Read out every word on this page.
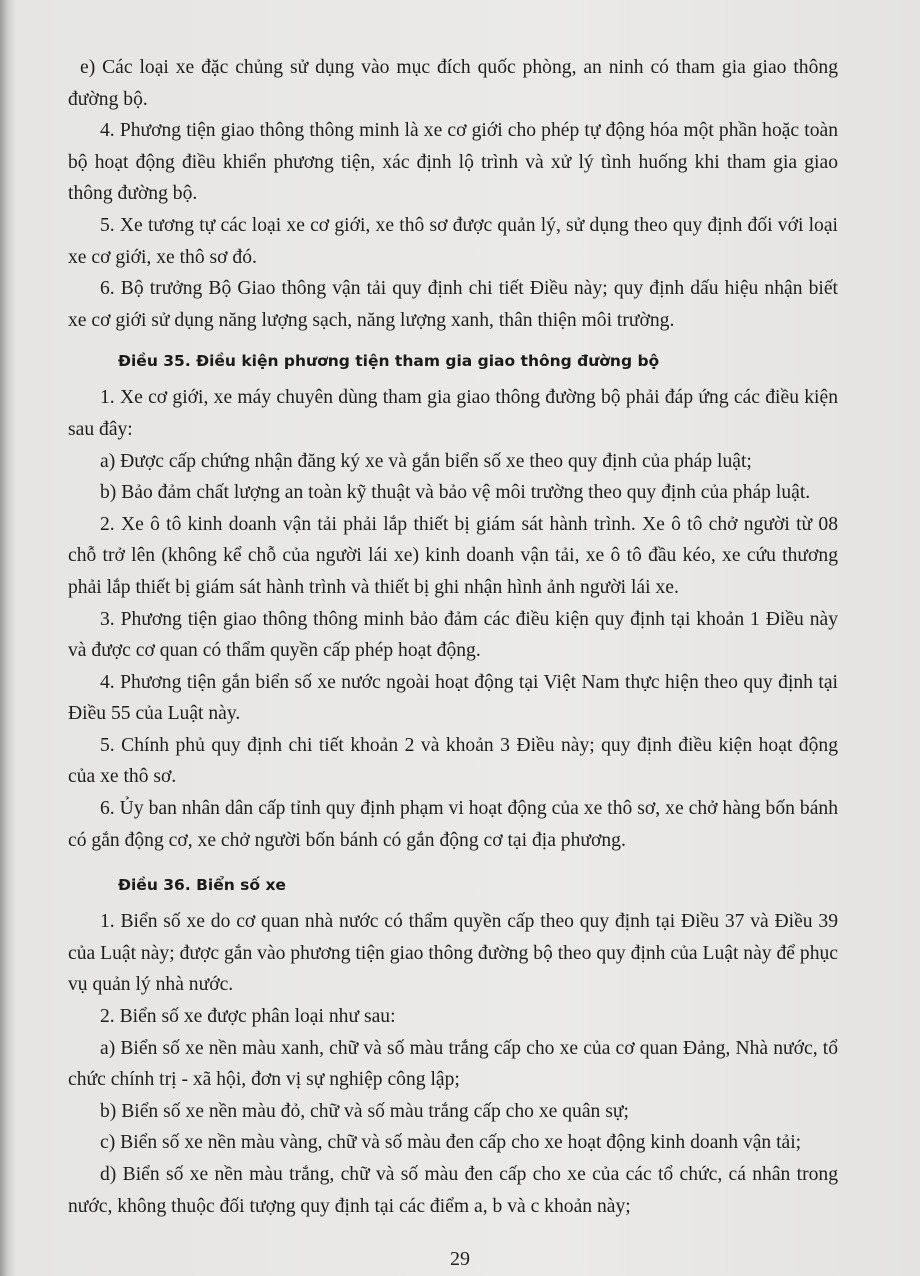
e) Các loại xe đặc chủng sử dụng vào mục đích quốc phòng, an ninh có tham gia giao thông đường bộ.

4. Phương tiện giao thông thông minh là xe cơ giới cho phép tự động hóa một phần hoặc toàn bộ hoạt động điều khiển phương tiện, xác định lộ trình và xử lý tình huống khi tham gia giao thông đường bộ.

5. Xe tương tự các loại xe cơ giới, xe thô sơ được quản lý, sử dụng theo quy định đối với loại xe cơ giới, xe thô sơ đó.

6. Bộ trưởng Bộ Giao thông vận tải quy định chi tiết Điều này; quy định dấu hiệu nhận biết xe cơ giới sử dụng năng lượng sạch, năng lượng xanh, thân thiện môi trường.

Điều 35. Điều kiện phương tiện tham gia giao thông đường bộ

1. Xe cơ giới, xe máy chuyên dùng tham gia giao thông đường bộ phải đáp ứng các điều kiện sau đây:

a) Được cấp chứng nhận đăng ký xe và gắn biển số xe theo quy định của pháp luật;

b) Bảo đảm chất lượng an toàn kỹ thuật và bảo vệ môi trường theo quy định của pháp luật.

2. Xe ô tô kinh doanh vận tải phải lắp thiết bị giám sát hành trình. Xe ô tô chở người từ 08 chỗ trở lên (không kể chỗ của người lái xe) kinh doanh vận tải, xe ô tô đầu kéo, xe cứu thương phải lắp thiết bị giám sát hành trình và thiết bị ghi nhận hình ảnh người lái xe.

3. Phương tiện giao thông thông minh bảo đảm các điều kiện quy định tại khoản 1 Điều này và được cơ quan có thẩm quyền cấp phép hoạt động.

4. Phương tiện gắn biển số xe nước ngoài hoạt động tại Việt Nam thực hiện theo quy định tại Điều 55 của Luật này.

5. Chính phủ quy định chi tiết khoản 2 và khoản 3 Điều này; quy định điều kiện hoạt động của xe thô sơ.

6. Ủy ban nhân dân cấp tỉnh quy định phạm vi hoạt động của xe thô sơ, xe chở hàng bốn bánh có gắn động cơ, xe chở người bốn bánh có gắn động cơ tại địa phương.

Điều 36. Biển số xe

1. Biển số xe do cơ quan nhà nước có thẩm quyền cấp theo quy định tại Điều 37 và Điều 39 của Luật này; được gắn vào phương tiện giao thông đường bộ theo quy định của Luật này để phục vụ quản lý nhà nước.

2. Biển số xe được phân loại như sau:

a) Biển số xe nền màu xanh, chữ và số màu trắng cấp cho xe của cơ quan Đảng, Nhà nước, tổ chức chính trị - xã hội, đơn vị sự nghiệp công lập;

b) Biển số xe nền màu đỏ, chữ và số màu trắng cấp cho xe quân sự;

c) Biển số xe nền màu vàng, chữ và số màu đen cấp cho xe hoạt động kinh doanh vận tải;

d) Biển số xe nền màu trắng, chữ và số màu đen cấp cho xe của các tổ chức, cá nhân trong nước, không thuộc đối tượng quy định tại các điểm a, b và c khoản này;

29
